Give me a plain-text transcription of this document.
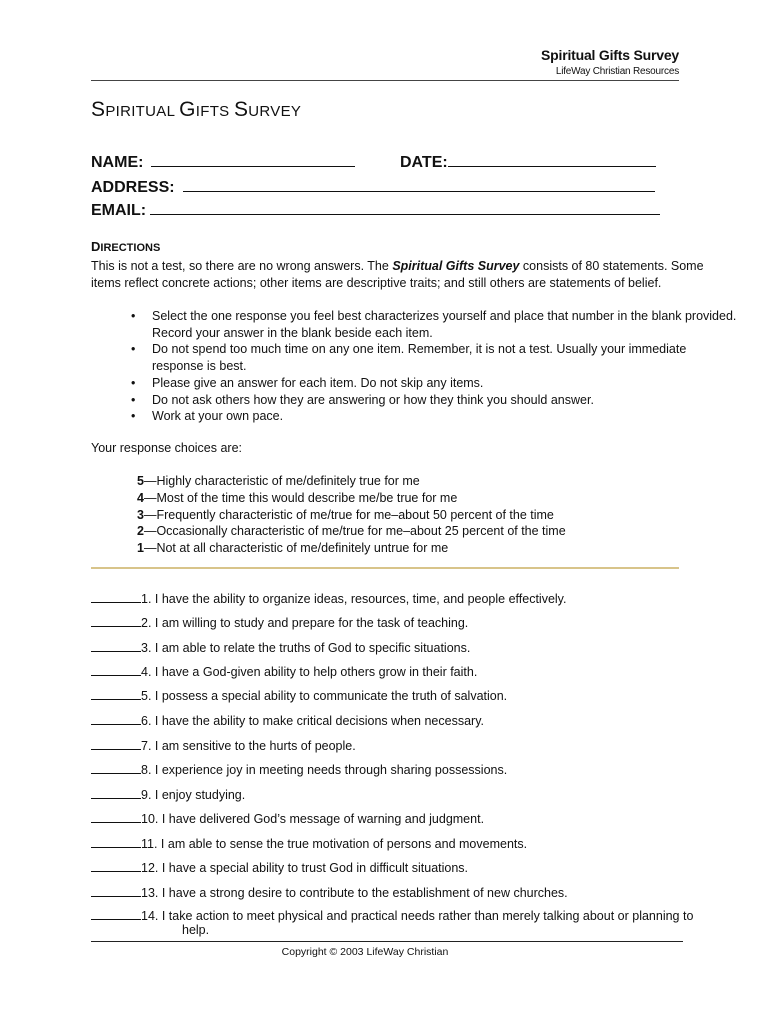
Spiritual Gifts Survey
LifeWay Christian Resources
SPIRITUAL GIFTS SURVEY
NAME:	DATE:
ADDRESS:
EMAIL:
DIRECTIONS
This is not a test, so there are no wrong answers. The Spiritual Gifts Survey consists of 80 statements. Some items reflect concrete actions; other items are descriptive traits; and still others are statements of belief.
• Select the one response you feel best characterizes yourself and place that number in the blank provided. Record your answer in the blank beside each item.
• Do not spend too much time on any one item. Remember, it is not a test. Usually your immediate response is best.
• Please give an answer for each item. Do not skip any items.
• Do not ask others how they are answering or how they think you should answer.
• Work at your own pace.
Your response choices are:
5—Highly characteristic of me/definitely true for me
4—Most of the time this would describe me/be true for me
3—Frequently characteristic of me/true for me–about 50 percent of the time
2—Occasionally characteristic of me/true for me–about 25 percent of the time
1—Not at all characteristic of me/definitely untrue for me
1. I have the ability to organize ideas, resources, time, and people effectively.
2. I am willing to study and prepare for the task of teaching.
3. I am able to relate the truths of God to specific situations.
4. I have a God-given ability to help others grow in their faith.
5. I possess a special ability to communicate the truth of salvation.
6. I have the ability to make critical decisions when necessary.
7. I am sensitive to the hurts of people.
8. I experience joy in meeting needs through sharing possessions.
9. I enjoy studying.
10. I have delivered God’s message of warning and judgment.
11. I am able to sense the true motivation of persons and movements.
12. I have a special ability to trust God in difficult situations.
13. I have a strong desire to contribute to the establishment of new churches.
14. I take action to meet physical and practical needs rather than merely talking about or planning to
help.
Copyright © 2003 LifeWay Christian
